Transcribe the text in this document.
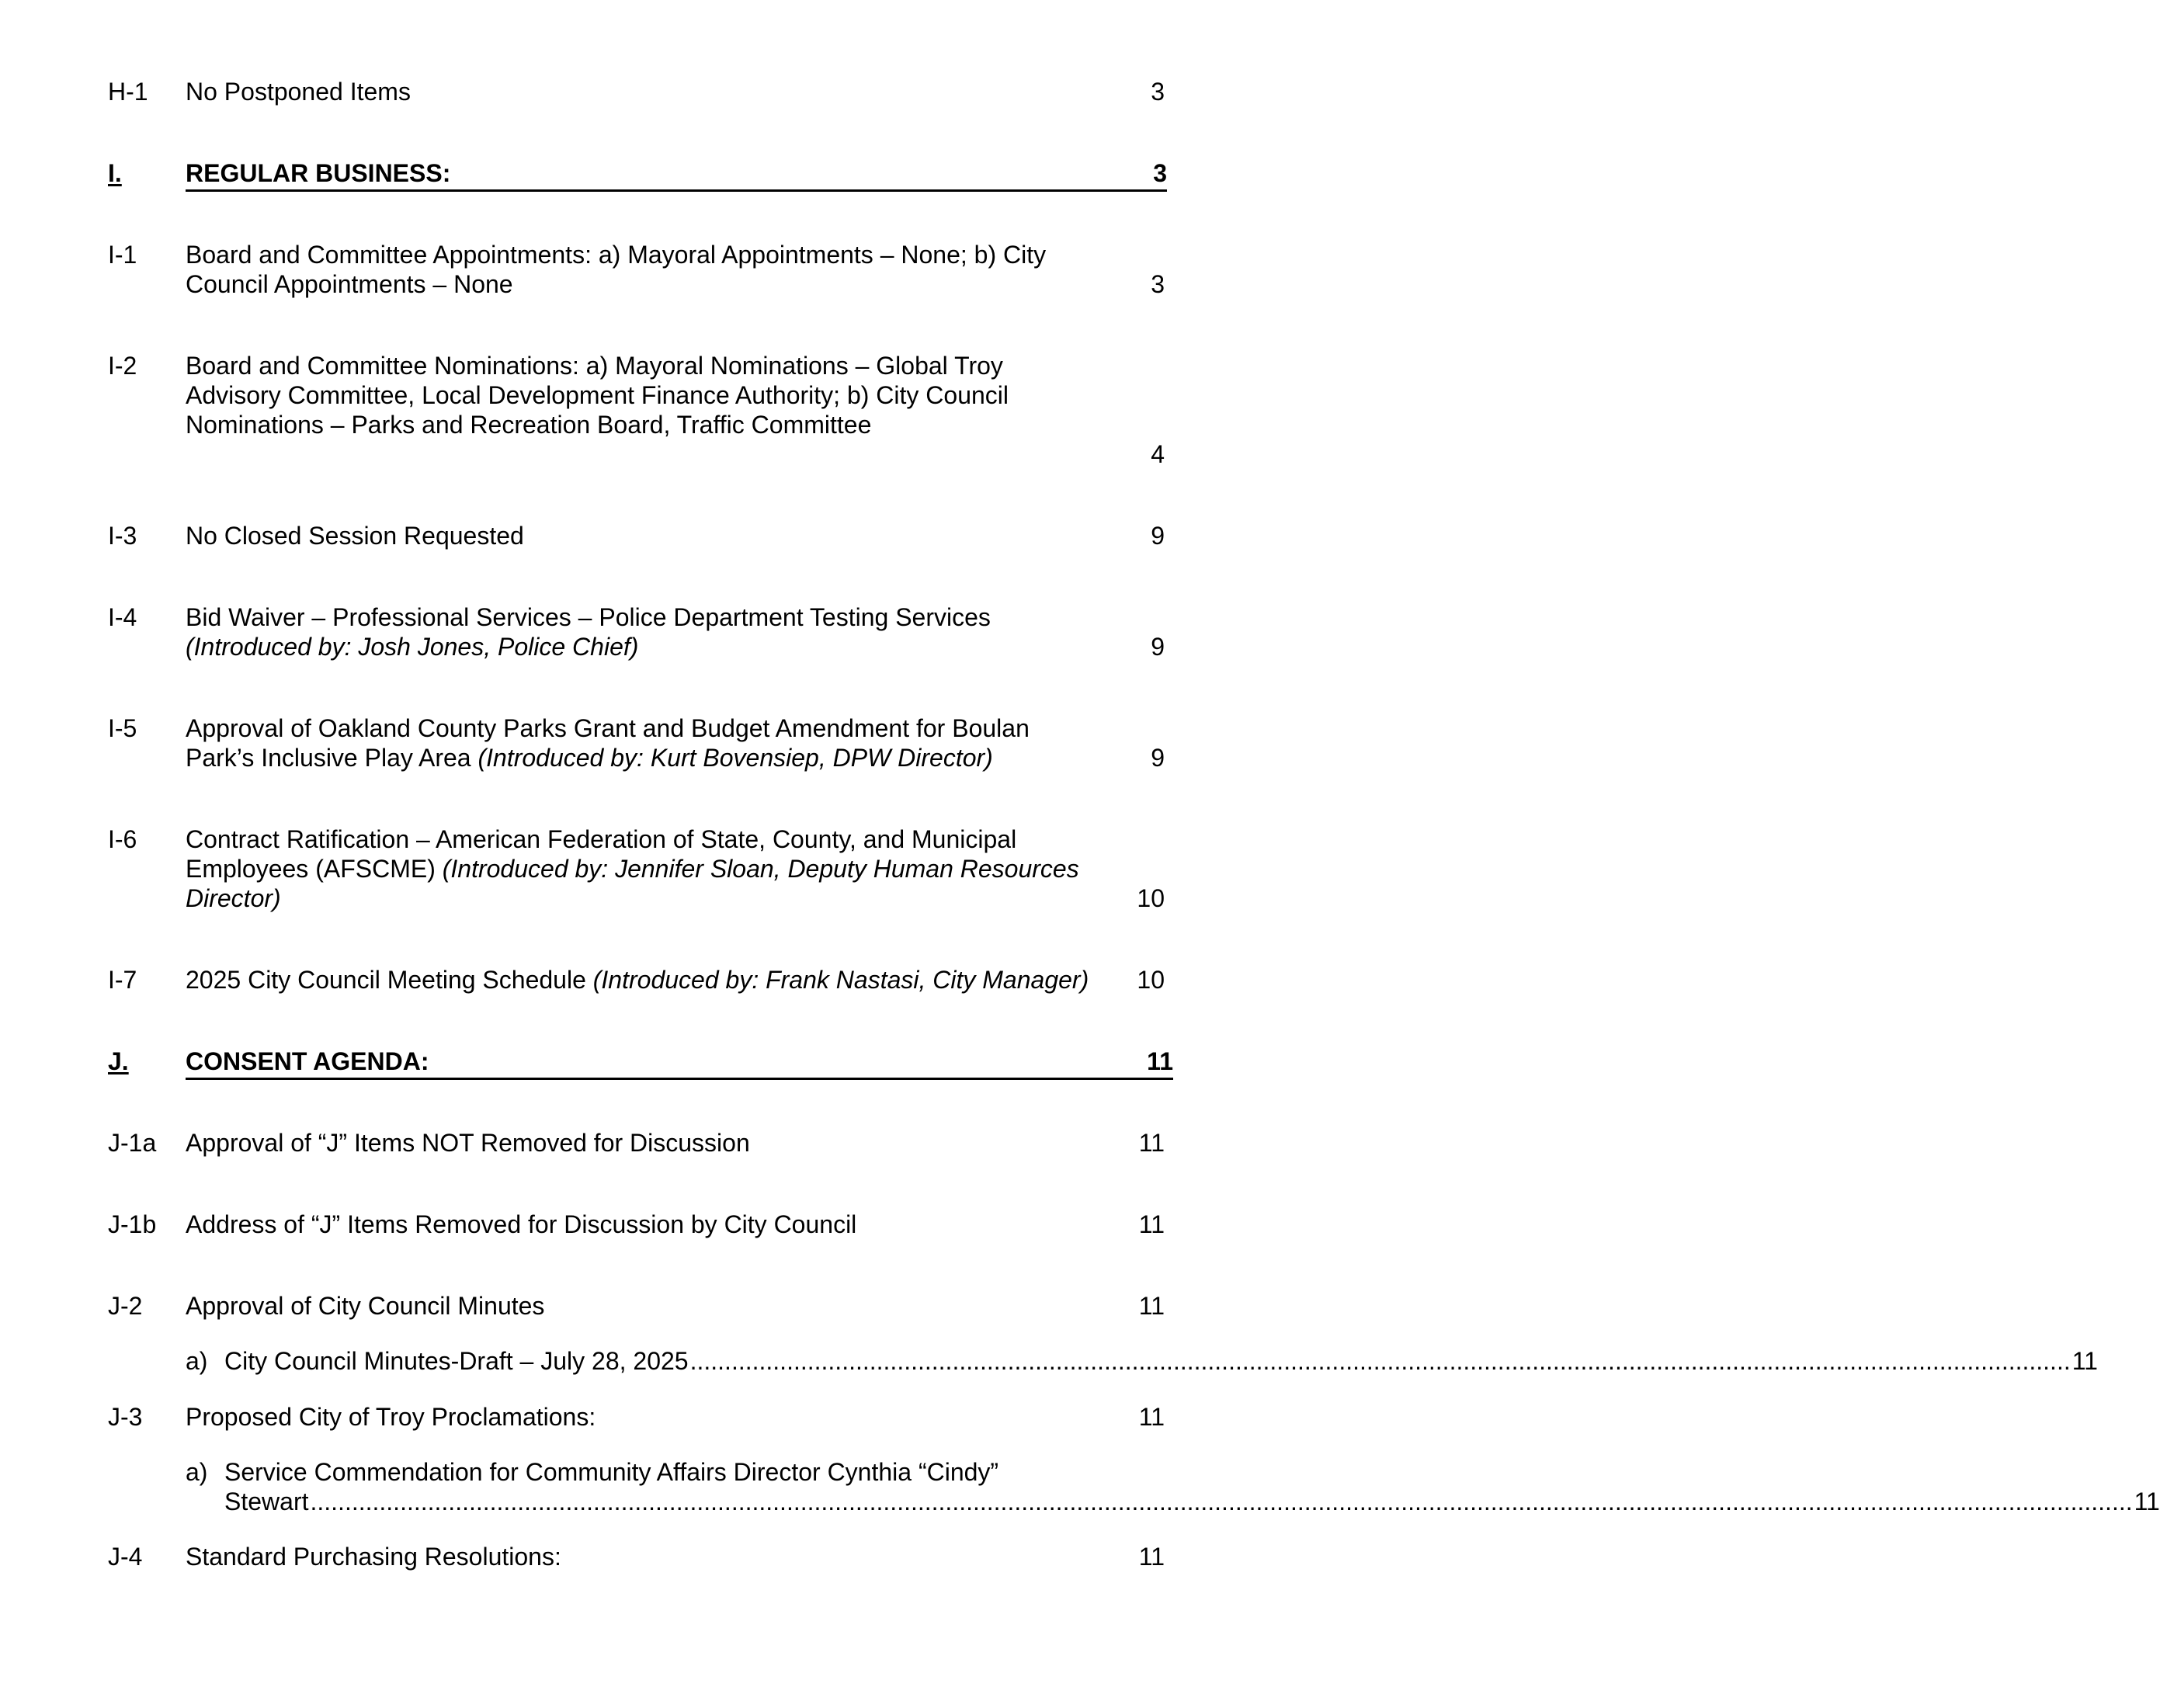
H-1 No Postponed Items	3
I.	REGULAR BUSINESS:	3
I-1 Board and Committee Appointments: a) Mayoral Appointments – None; b) City
Council Appointments – None	3
I-2 Board and Committee Nominations: a) Mayoral Nominations – Global Troy
Advisory Committee, Local Development Finance Authority; b) City Council
Nominations – Parks and Recreation Board, Traffic Committee
4
I-3 No Closed Session Requested	9
I-4 Bid Waiver – Professional Services – Police Department Testing Services
(Introduced by: Josh Jones, Police Chief)	9
I-5 Approval of Oakland County Parks Grant and Budget Amendment for Boulan
Park’s Inclusive Play Area (Introduced by: Kurt Bovensiep, DPW Director)	9
I-6 Contract Ratification – American Federation of State, County, and Municipal
Employees (AFSCME) (Introduced by: Jennifer Sloan, Deputy Human Resources
Director)	10
I-7 2025 City Council Meeting Schedule (Introduced by: Frank Nastasi, City Manager)	10
J. CONSENT AGENDA:	11
J-1a Approval of “J” Items NOT Removed for Discussion	11
J-1b Address of “J” Items Removed for Discussion by City Council	11
J-2 Approval of City Council Minutes	11
a) City Council Minutes-Draft – July 28, 2025 ........................................................................................................................................................................................................ 11
J-3 Proposed City of Troy Proclamations:	11
a) Service Commendation for Community Affairs Director Cynthia “Cindy”
Stewart ........................................................................................................................................................................................................................................................................ 11
J-4 Standard Purchasing Resolutions:	11
